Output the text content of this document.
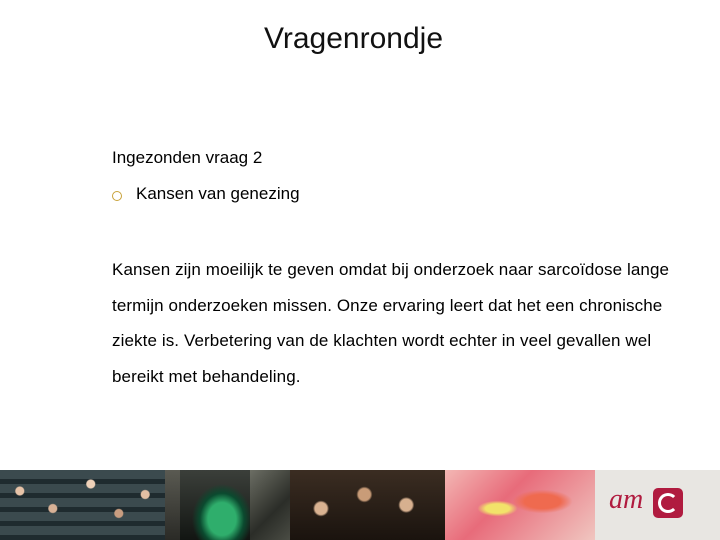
Vragenrondje
Ingezonden vraag 2
Kansen van genezing
Kansen zijn moeilijk te geven omdat bij onderzoek naar sarcoïdose lange termijn onderzoeken missen. Onze ervaring leert dat het een chronische ziekte is. Verbetering van de klachten wordt echter in veel gevallen wel bereikt met behandeling.
am
